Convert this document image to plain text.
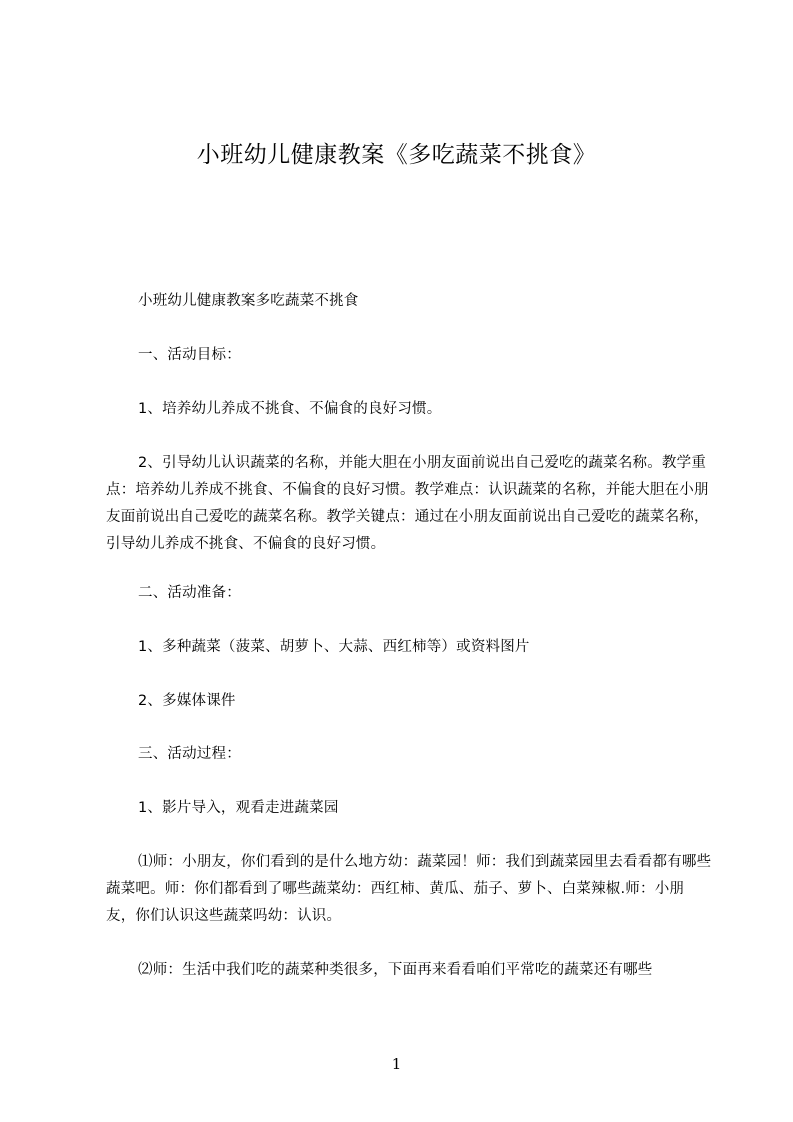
小班幼儿健康教案《多吃蔬菜不挑食》

小班幼儿健康教案多吃蔬菜不挑食

一、活动目标：

1、培养幼儿养成不挑食、不偏食的良好习惯。

2、引导幼儿认识蔬菜的名称，并能大胆在小朋友面前说出自己爱吃的蔬菜名称。教学重点：培养幼儿养成不挑食、不偏食的良好习惯。教学难点：认识蔬菜的名称，并能大胆在小朋友面前说出自己爱吃的蔬菜名称。教学关键点：通过在小朋友面前说出自己爱吃的蔬菜名称，引导幼儿养成不挑食、不偏食的良好习惯。

二、活动准备：

1、多种蔬菜（菠菜、胡萝卜、大蒜、西红柿等）或资料图片

2、多媒体课件

三、活动过程：

1、影片导入，观看走进蔬菜园

⑴师：小朋友，你们看到的是什么地方幼：蔬菜园！师：我们到蔬菜园里去看看都有哪些蔬菜吧。师：你们都看到了哪些蔬菜幼：西红柿、黄瓜、茄子、萝卜、白菜辣椒.师：小朋友，你们认识这些蔬菜吗幼：认识。

⑵师：生活中我们吃的蔬菜种类很多，下面再来看看咱们平常吃的蔬菜还有哪些

1
